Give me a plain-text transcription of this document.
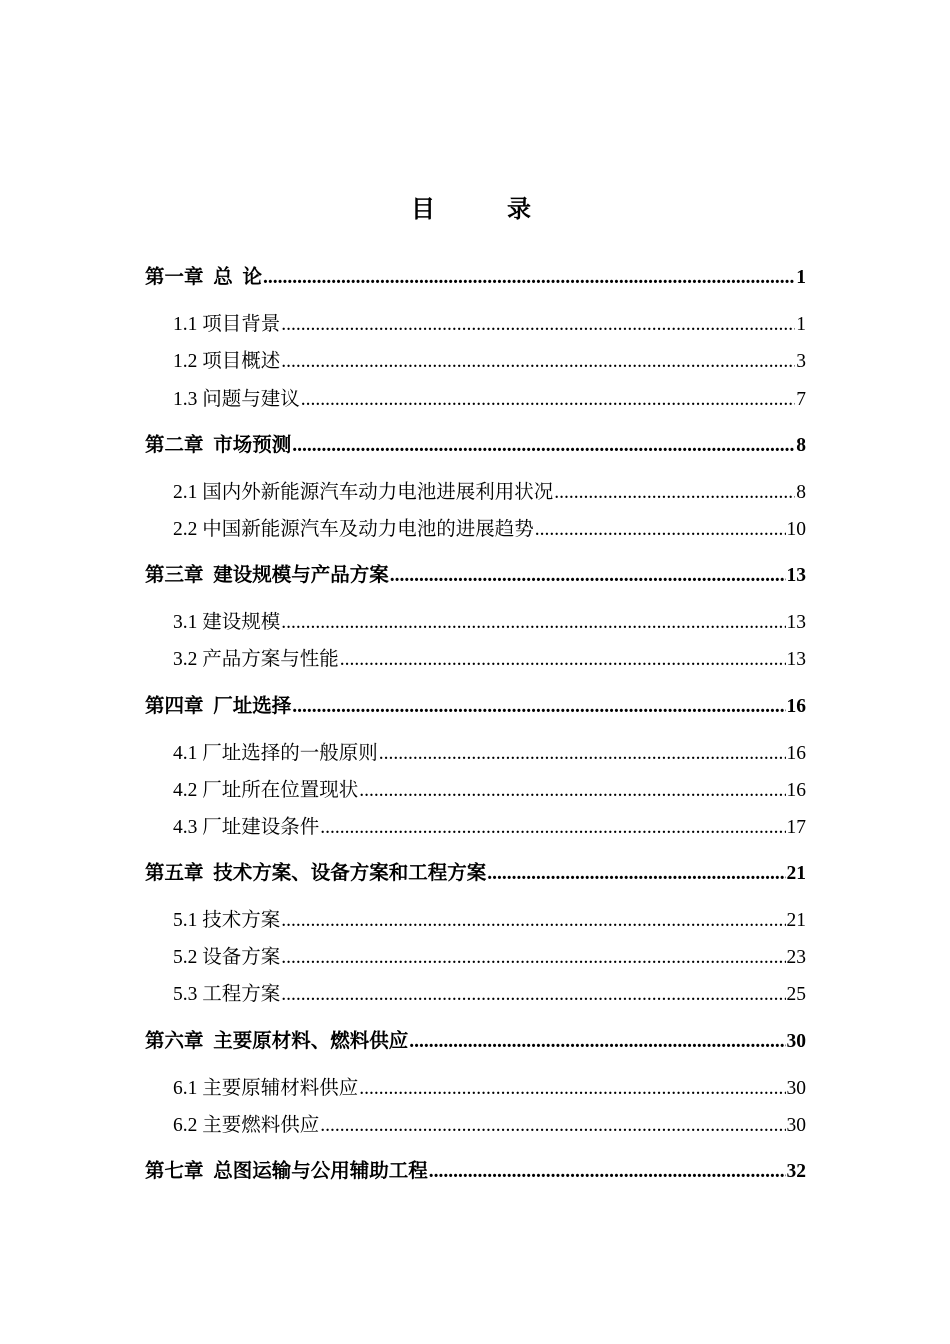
目　　录
第一章  总  论 .....	1
1.1 项目背景 .....	1
1.2 项目概述 .....	3
1.3 问题与建议 .....	7
第二章  市场预测 .....	8
2.1 国内外新能源汽车动力电池进展利用状况 .....	8
2.2 中国新能源汽车及动力电池的进展趋势 .....	10
第三章  建设规模与产品方案 .....	13
3.1 建设规模 .....	13
3.2 产品方案与性能 .....	13
第四章  厂址选择 .....	16
4.1 厂址选择的一般原则 .....	16
4.2 厂址所在位置现状 .....	16
4.3 厂址建设条件 .....	17
第五章  技术方案、设备方案和工程方案 .....	21
5.1 技术方案 .....	21
5.2 设备方案 .....	23
5.3 工程方案 .....	25
第六章  主要原材料、燃料供应 .....	30
6.1 主要原辅材料供应 .....	30
6.2 主要燃料供应 .....	30
第七章  总图运输与公用辅助工程 .....	32
